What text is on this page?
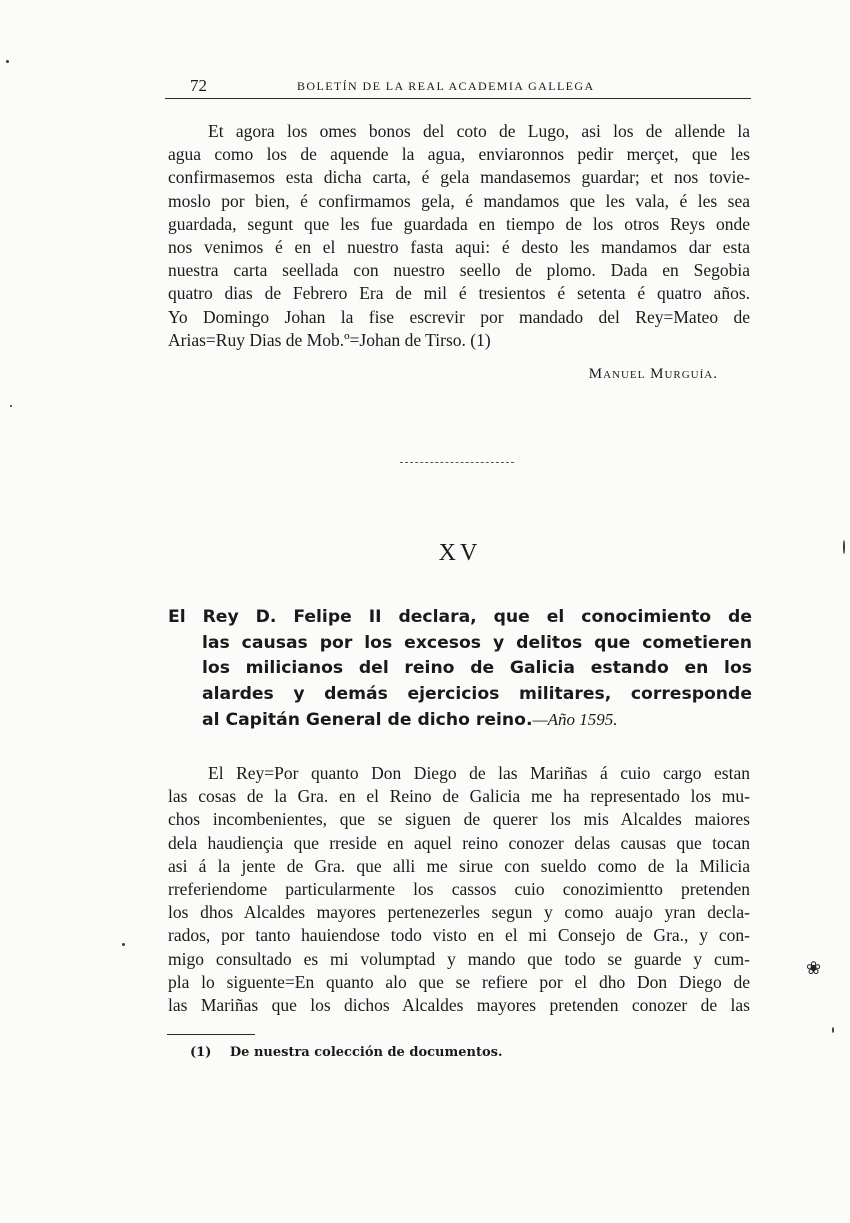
72	BOLETÍN DE LA REAL ACADEMIA GALLEGA
Et agora los omes bonos del coto de Lugo, asi los de allende la
agua como los de aquende la agua, enviaronnos pedir merçet, que les
confirmasemos esta dicha carta, é gela mandasemos guardar; et nos tovie-
moslo por bien, é confirmamos gela, é mandamos que les vala, é les sea
guardada, segunt que les fue guardada en tiempo de los otros Reys onde
nos venimos é en el nuestro fasta aqui: é desto les mandamos dar esta
nuestra carta seellada con nuestro seello de plomo. Dada en Segobia
quatro dias de Febrero Era de mil é tresientos é setenta é quatro años.
Yo Domingo Johan la fise escrevir por mandado del Rey=Mateo de
Arias=Ruy Dias de Mob.º=Johan de Tirso. (1)
Manuel Murguía.
XV
El Rey D. Felipe II declara, que el conocimiento de
las causas por los excesos y delitos que cometieren
los milicianos del reino de Galicia estando en los
alardes y demás ejercicios militares, corresponde
al Capitán General de dicho reino.—Año 1595.
El Rey=Por quanto Don Diego de las Mariñas á cuio cargo estan
las cosas de la Gra. en el Reino de Galicia me ha representado los mu-
chos incombenientes, que se siguen de querer los mis Alcaldes maiores
dela haudiençia que rreside en aquel reino conozer delas causas que tocan
asi á la jente de Gra. que alli me sirue con sueldo como de la Milicia
rreferiendome particularmente los cassos cuio conozimientto pretenden
los dhos Alcaldes mayores pertenezerles segun y como auajo yran decla-
rados, por tanto hauiendose todo visto en el mi Consejo de Gra., y con-
migo consultado es mi volumptad y mando que todo se guarde y cum-
pla lo siguente=En quanto alo que se refiere por el dho Don Diego de
las Mariñas que los dichos Alcaldes mayores pretenden conozer de las
(1) De nuestra colección de documentos.
❀
